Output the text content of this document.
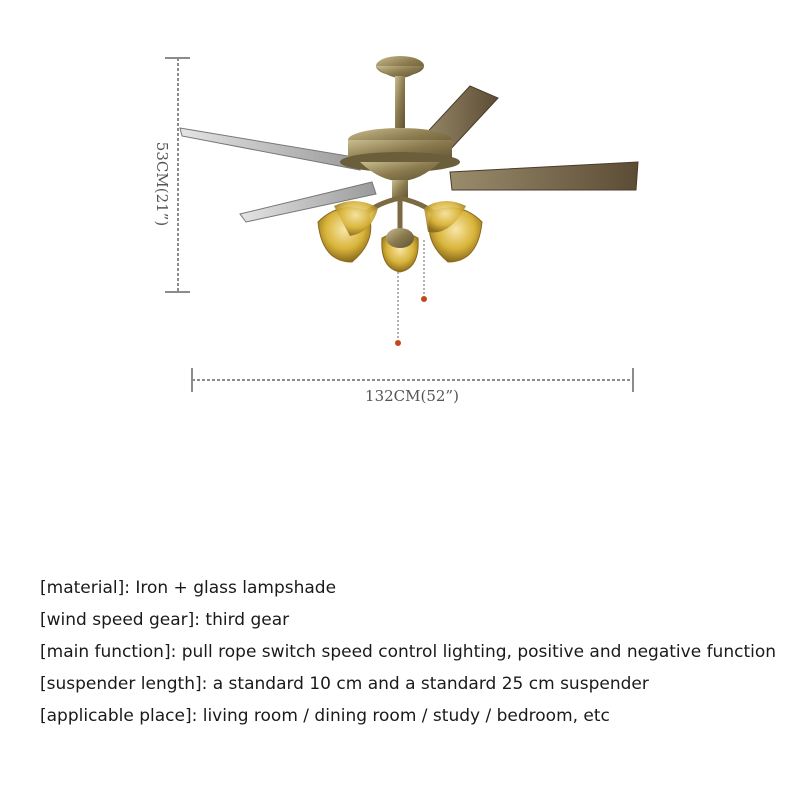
53CM(21”)
132CM(52”)
[material]: Iron + glass lampshade
[wind speed gear]: third gear
[main function]: pull rope switch speed control lighting, positive and negative function
[suspender length]: a standard 10 cm and a standard 25 cm suspender
[applicable place]: living room / dining room / study / bedroom, etc
